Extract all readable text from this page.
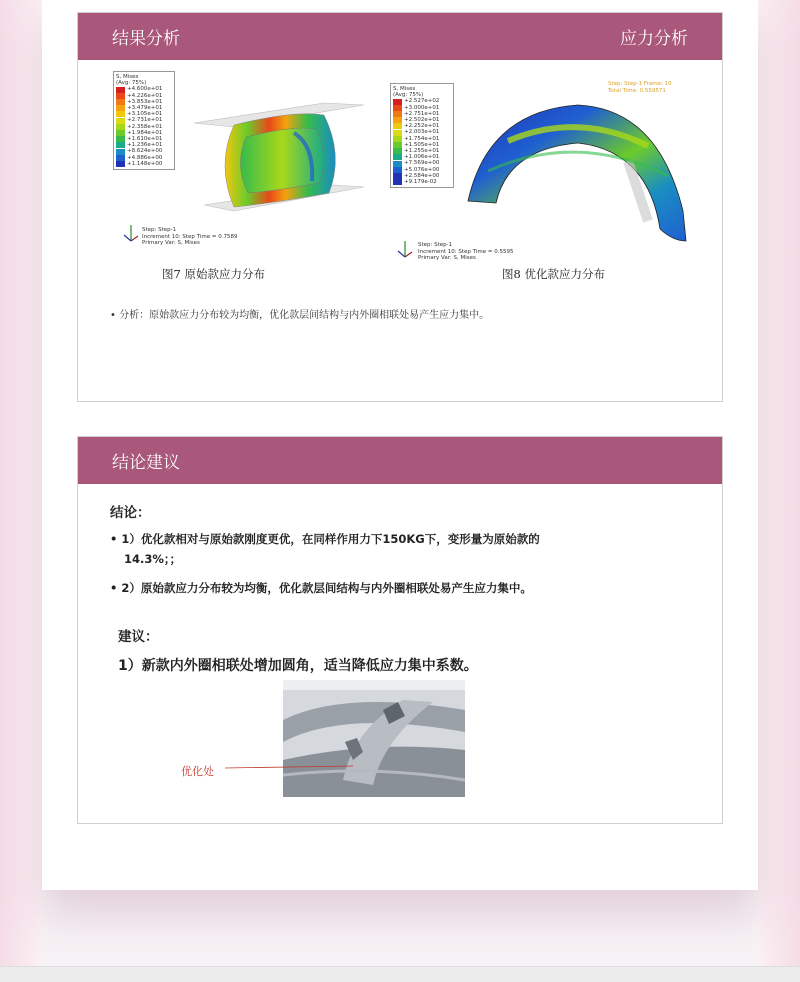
结果分析	应力分析
S, Mises
(Avg: 75%)
+4.600e+01
+4.226e+01
+3.853e+01
+3.479e+01
+3.105e+01
+2.731e+01
+2.358e+01
+1.984e+01
+1.610e+01
+1.236e+01
+8.624e+00
+4.886e+00
+1.148e+00
Step: Step-1
Increment 10: Step Time = 0.7589
Primary Var: S, Mises
图7 原始款应力分布
S, Mises
(Avg: 75%)
+2.527e+02
+3.000e+01
+2.751e+01
+2.502e+01
+2.252e+01
+2.003e+01
+1.754e+01
+1.505e+01
+1.255e+01
+1.006e+01
+7.569e+00
+5.076e+00
+2.584e+00
+9.179e-02
Step: Step-1 Frame: 10
Total Time: 0.559571
Step: Step-1
Increment 10: Step Time = 0.5595
Primary Var: S, Mises
图8 优化款应力分布
• 分析：原始款应力分布较为均衡，优化款层间结构与内外圈相联处易产生应力集中。
结论建议
结论：
• 1）优化款相对与原始款刚度更优，在同样作用力下150KG下，变形量为原始款的
14.3%；；
• 2）原始款应力分布较为均衡，优化款层间结构与内外圈相联处易产生应力集中。
建议：
1）新款内外圈相联处增加圆角，适当降低应力集中系数。
优化处
